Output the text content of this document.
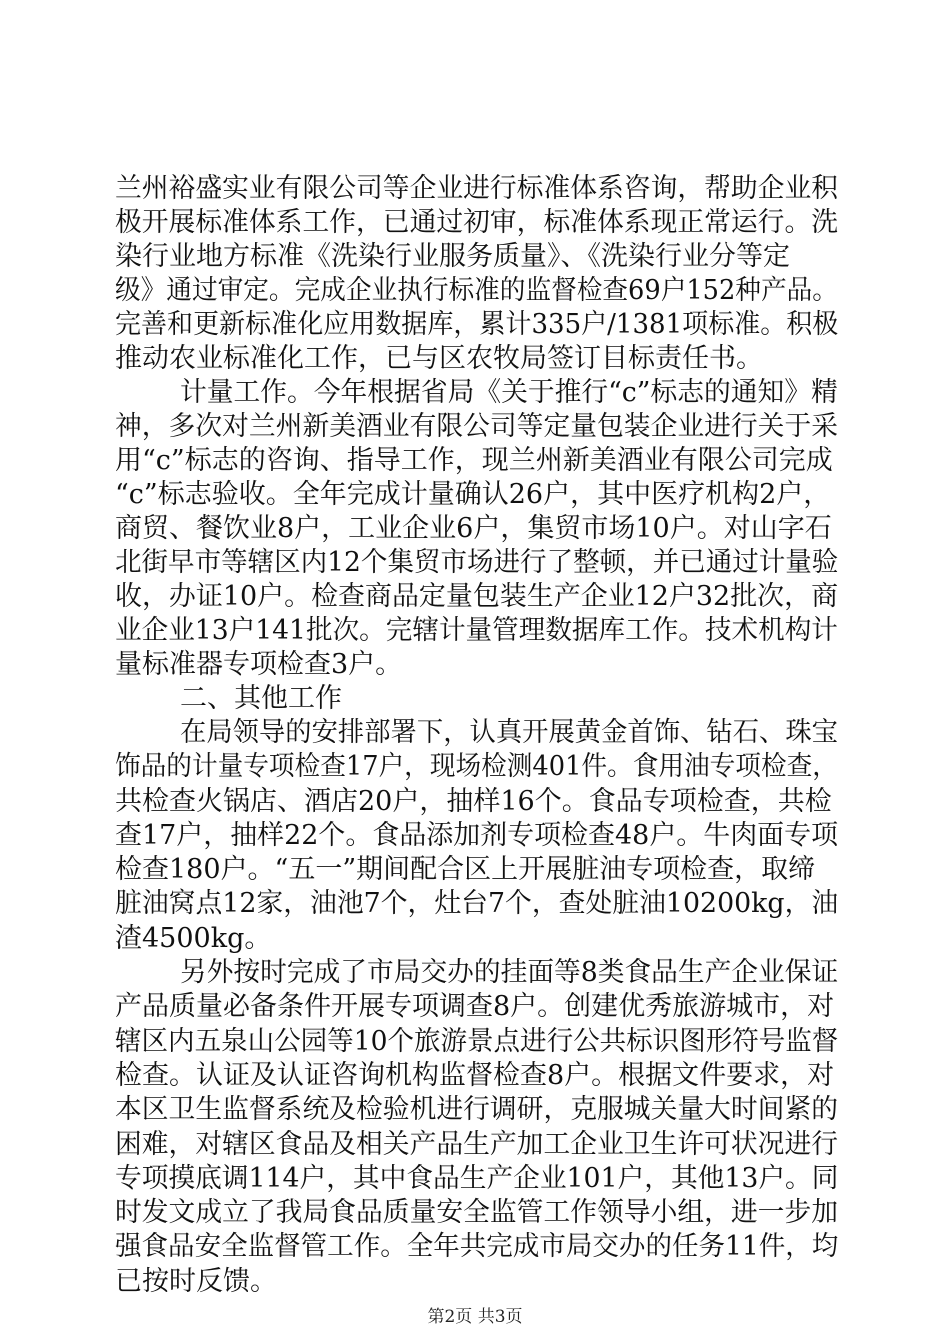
兰州裕盛实业有限公司等企业进行标准体系咨询，帮助企业积
极开展标准体系工作，已通过初审，标准体系现正常运行。洗
染行业地方标准《洗染行业服务质量》、《洗染行业分等定
级》通过审定。完成企业执行标准的监督检查69户152种产品。
完善和更新标准化应用数据库，累计335户/1381项标准。积极
推动农业标准化工作，已与区农牧局签订目标责任书。
计量工作。今年根据省局《关于推行“c”标志的通知》精
神，多次对兰州新美酒业有限公司等定量包装企业进行关于采
用“c”标志的咨询、指导工作，现兰州新美酒业有限公司完成
“c”标志验收。全年完成计量确认26户，其中医疗机构2户，
商贸、餐饮业8户，工业企业6户，集贸市场10户。对山字石
北街早市等辖区内12个集贸市场进行了整顿，并已通过计量验
收，办证10户。检查商品定量包装生产企业12户32批次，商
业企业13户141批次。完辖计量管理数据库工作。技术机构计
量标准器专项检查3户。
二、其他工作
在局领导的安排部署下，认真开展黄金首饰、钻石、珠宝
饰品的计量专项检查17户，现场检测401件。食用油专项检查，
共检查火锅店、酒店20户，抽样16个。食品专项检查，共检
查17户，抽样22个。食品添加剂专项检查48户。牛肉面专项
检查180户。“五一”期间配合区上开展脏油专项检查，取缔
脏油窝点12家，油池7个，灶台7个，查处脏油10200kg，油
渣4500kg。
另外按时完成了市局交办的挂面等8类食品生产企业保证
产品质量必备条件开展专项调查8户。创建优秀旅游城市，对
辖区内五泉山公园等10个旅游景点进行公共标识图形符号监督
检查。认证及认证咨询机构监督检查8户。根据文件要求，对
本区卫生监督系统及检验机进行调研，克服城关量大时间紧的
困难，对辖区食品及相关产品生产加工企业卫生许可状况进行
专项摸底调114户，其中食品生产企业101户，其他13户。同
时发文成立了我局食品质量安全监管工作领导小组，进一步加
强食品安全监督管工作。全年共完成市局交办的任务11件，均
已按时反馈。
第2页 共3页
